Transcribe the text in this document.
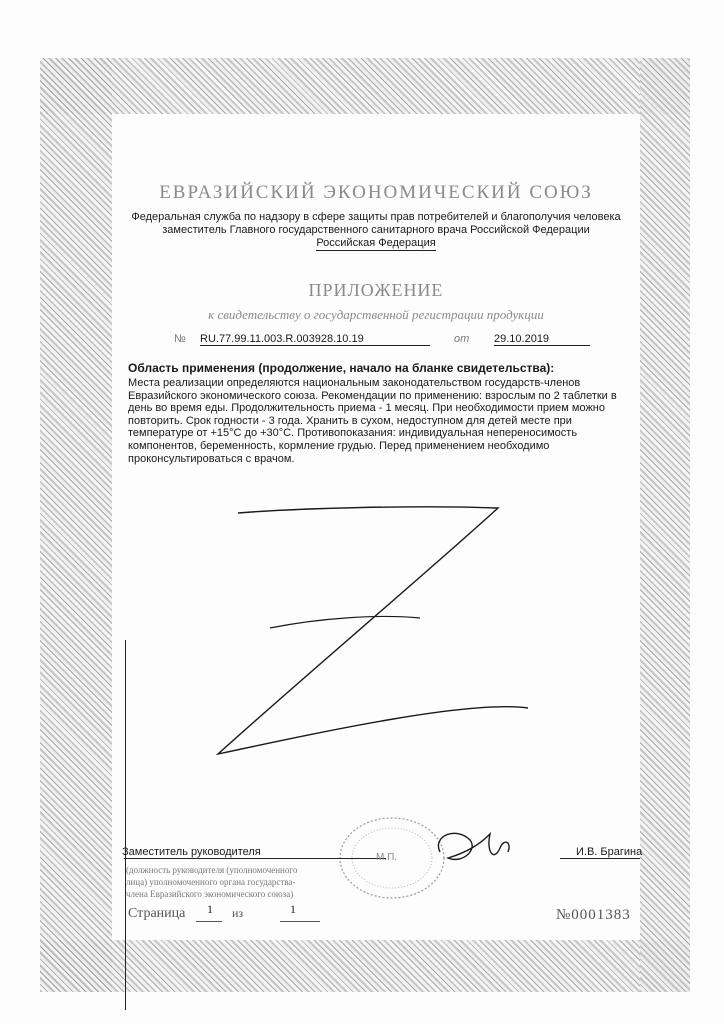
ЕВРАЗИЙСКИЙ ЭКОНОМИЧЕСКИЙ СОЮЗ
Федеральная служба по надзору в сфере защиты прав потребителей и благополучия человека
заместитель Главного государственного санитарного врача Российской Федерации
Российская Федерация
ПРИЛОЖЕНИЕ
к свидетельству о государственной регистрации продукции
№ RU.77.99.11.003.R.003928.10.19	от 29.10.2019
Область применения (продолжение, начало на бланке свидетельства):
Места реализации определяются национальным законодательством государств-членов
Евразийского экономического союза. Рекомендации по применению: взрослым по 2 таблетки в
день во время еды. Продолжительность приема - 1 месяц. При необходимости прием можно
повторить. Срок годности - 3 года. Хранить в сухом, недоступном для детей месте при
температуре от +15°С до +30°С. Противопоказания: индивидуальная непереносимость
компонентов, беременность, кормление грудью. Перед применением необходимо
проконсультироваться с врачом.
Заместитель руководителя	М.П.	И.В. Брагина
(должность руководителя (уполномоченного
лица) уполномоченного органа государства-
члена Евразийского экономического союза)
Страница 1 из	1	№0001383
